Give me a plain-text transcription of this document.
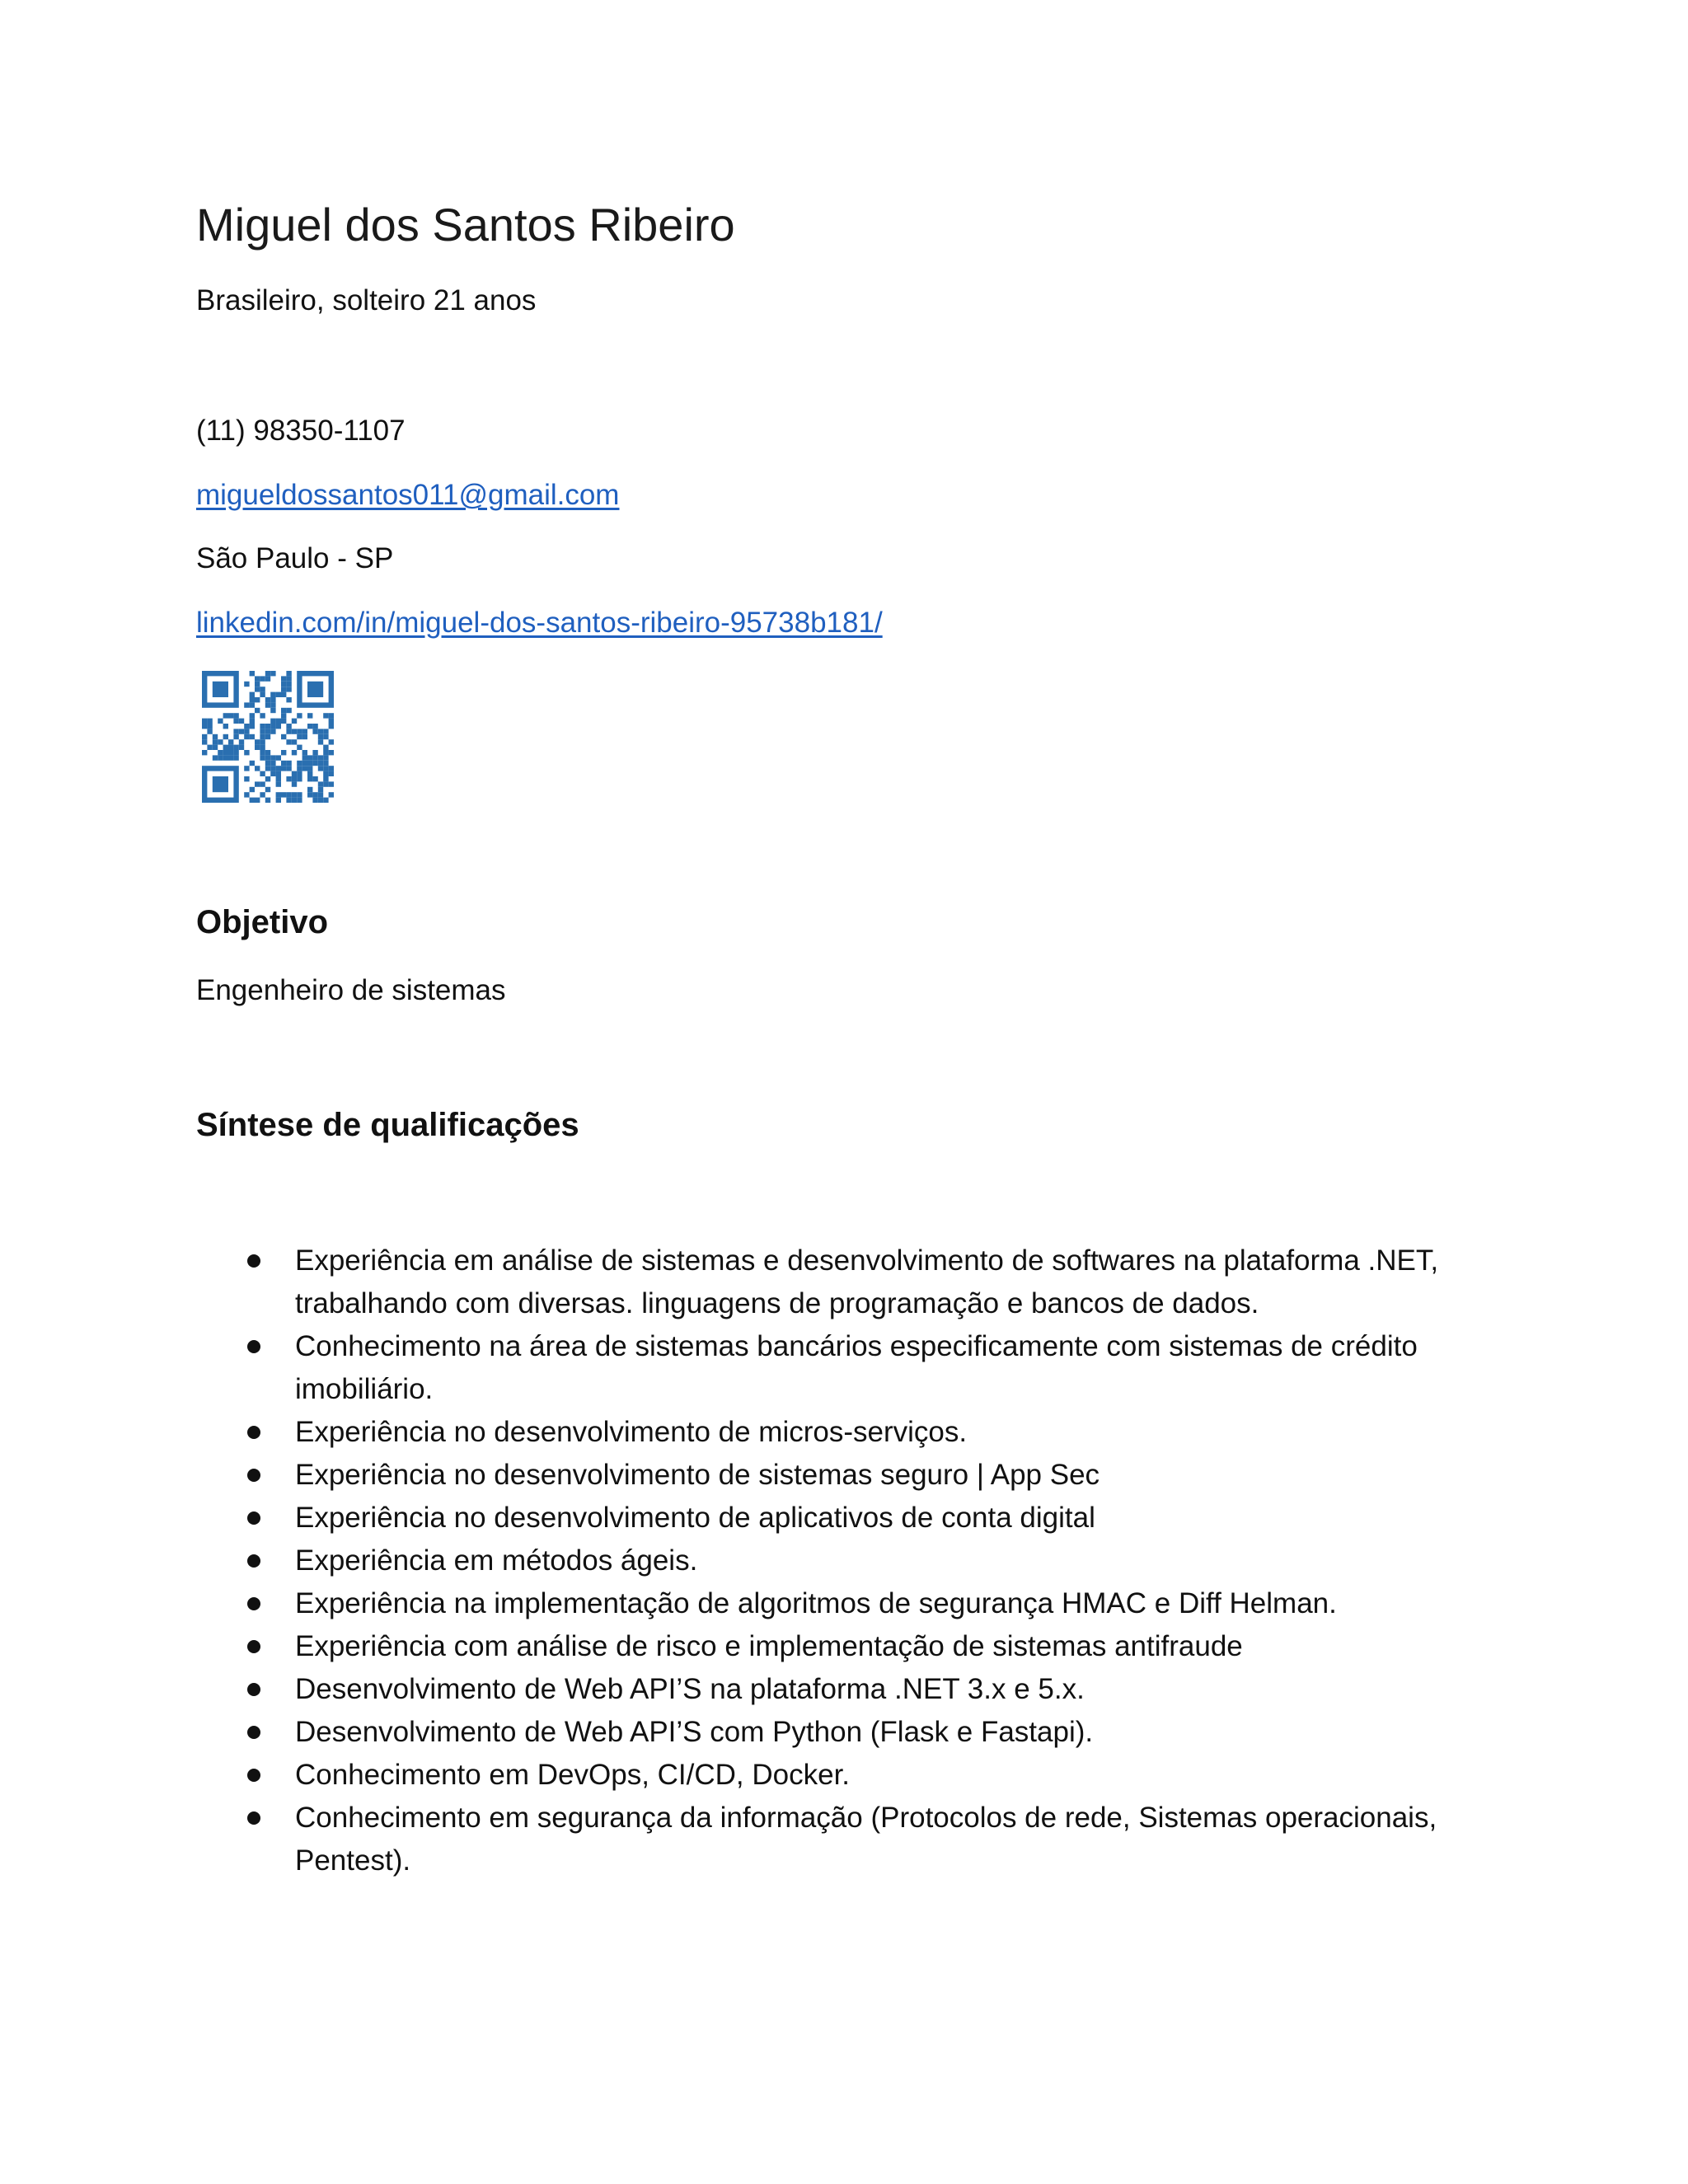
Miguel dos Santos Ribeiro

Brasileiro, solteiro 21 anos

(11) 98350-1107

migueldossantos011@gmail.com

São Paulo - SP

linkedin.com/in/miguel-dos-santos-ribeiro-95738b181/

Objetivo

Engenheiro de sistemas

Síntese de qualificações
Experiência em análise de sistemas e desenvolvimento de softwares na plataforma .NET, trabalhando com diversas. linguagens de programação e bancos de dados.
Conhecimento na área de sistemas bancários especificamente com sistemas de crédito imobiliário.
Experiência no desenvolvimento de micros-serviços.
Experiência no desenvolvimento de sistemas seguro | App Sec
Experiência no desenvolvimento de aplicativos de conta digital
Experiência em métodos ágeis.
Experiência na implementação de algoritmos de segurança HMAC e Diff Helman.
Experiência com análise de risco e implementação de sistemas antifraude
Desenvolvimento de Web API’S na plataforma .NET 3.x e 5.x.
Desenvolvimento de Web API’S com Python (Flask e Fastapi).
Conhecimento em DevOps, CI/CD, Docker.
Conhecimento em segurança da informação (Protocolos de rede, Sistemas operacionais, Pentest).
